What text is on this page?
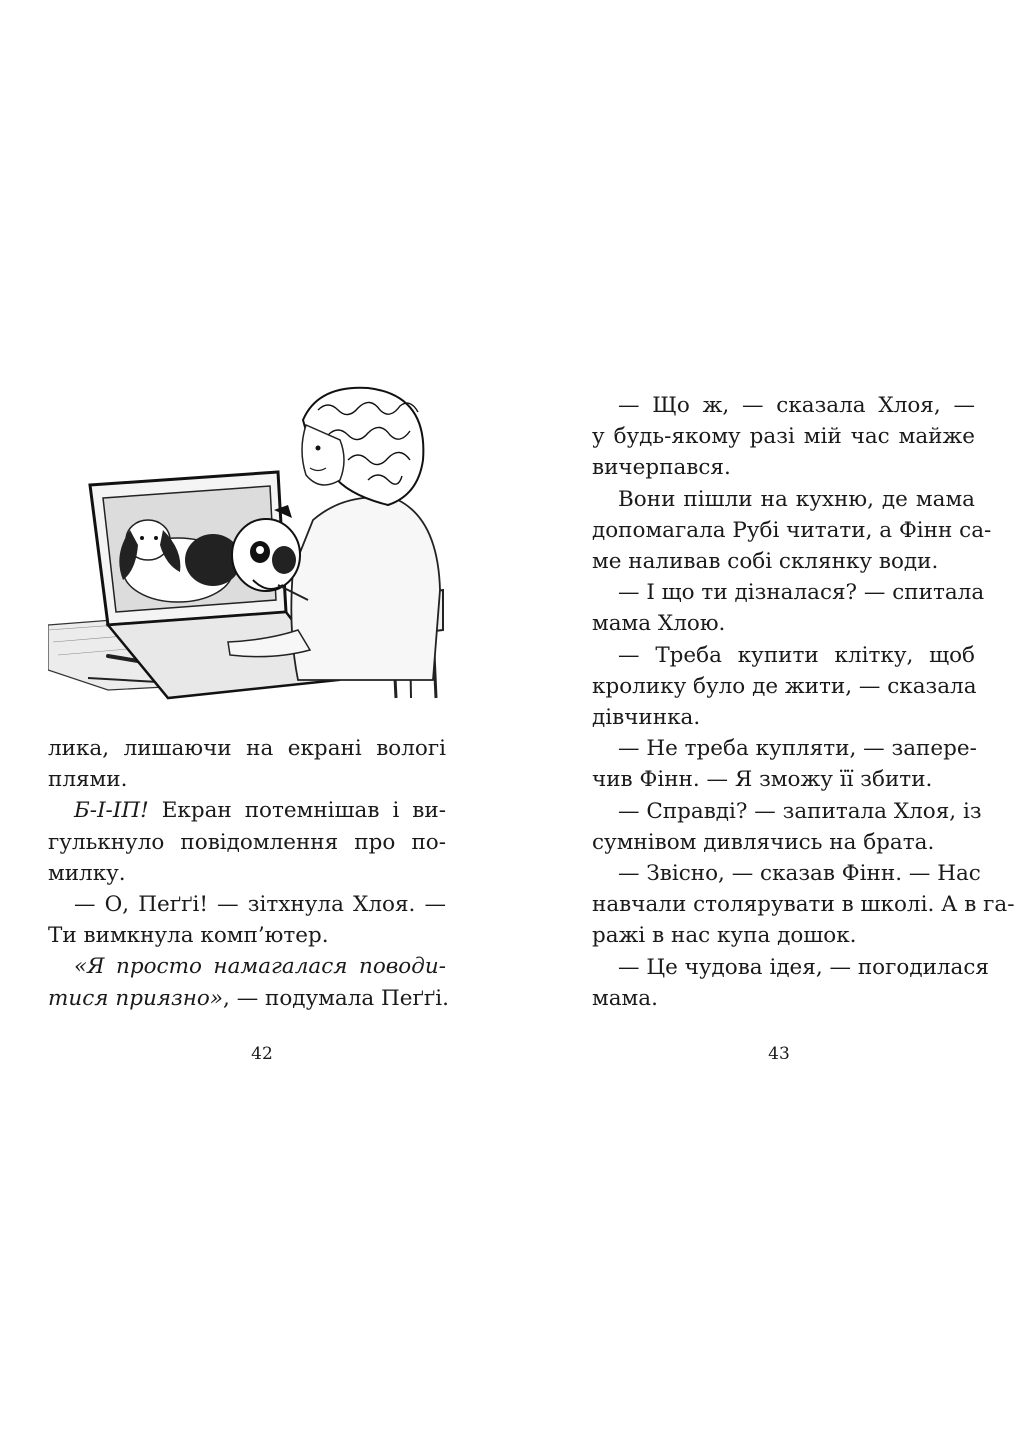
лика, лишаючи на екрані вологі
плями.
Б-І-ІП! Екран потемнішав і ви-
гулькнуло повідомлення про по-
милку.
— О, Пеґґі! — зітхнула Хлоя. —
Ти вимкнула комп’ютер.
«Я просто намагалася поводи-
тися приязно», — подумала Пеґґі.
42
— Що ж, — сказала Хлоя, —
у будь-якому разі мій час майже
вичерпався.
Вони пішли на кухню, де мама
допомагала Рубі читати, а Фінн са-
ме наливав собі склянку води.
— І що ти дізналася? — спитала
мама Хлою.
— Треба купити клітку, щоб
кролику було де жити, — сказала
дівчинка.
— Не треба купляти, — запере-
чив Фінн. — Я зможу її збити.
— Справді? — запитала Хлоя, із
сумнівом дивлячись на брата.
— Звісно, — сказав Фінн. — Нас
навчали столярувати в школі. А в га-
ражі в нас купа дошок.
— Це чудова ідея, — погодилася
мама.
43
